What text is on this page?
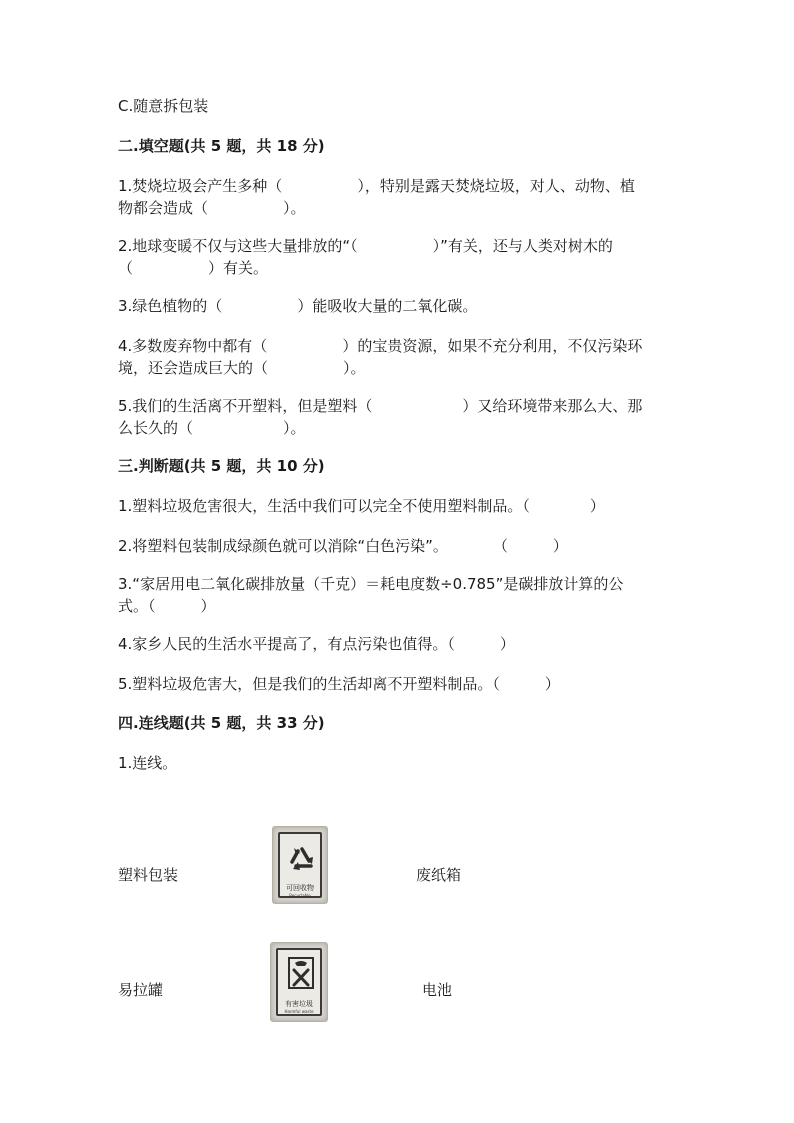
C.随意拆包装
二.填空题(共 5 题，共 18 分)
1.焚烧垃圾会产生多种（　　　　　），特别是露天焚烧垃圾，对人、动物、植
物都会造成（　　　　　）。
2.地球变暖不仅与这些大量排放的“（　　　　　）”有关，还与人类对树木的
（　　　　　）有关。
3.绿色植物的（　　　　　）能吸收大量的二氧化碳。
4.多数废弃物中都有（　　　　　）的宝贵资源，如果不充分利用，不仅污染环
境，还会造成巨大的（　　　　　）。
5.我们的生活离不开塑料，但是塑料（　　　　　　）又给环境带来那么大、那
么长久的（　　　　　　）。
三.判断题(共 5 题，共 10 分)
1.塑料垃圾危害很大，生活中我们可以完全不使用塑料制品。（　　　　）
2.将塑料包装制成绿颜色就可以消除“白色污染”。　　　　（　　　）
3.“家居用电二氧化碳排放量（千克）＝耗电度数÷0.785”是碳排放计算的公
式。（　　　）
4.家乡人民的生活水平提高了，有点污染也值得。（　　　）
5.塑料垃圾危害大，但是我们的生活却离不开塑料制品。（　　　）
四.连线题(共 5 题，共 33 分)
1.连线。
塑料包装
可回收物
Recyclable
废纸箱
易拉罐
有害垃圾
Harmful waste
电池
